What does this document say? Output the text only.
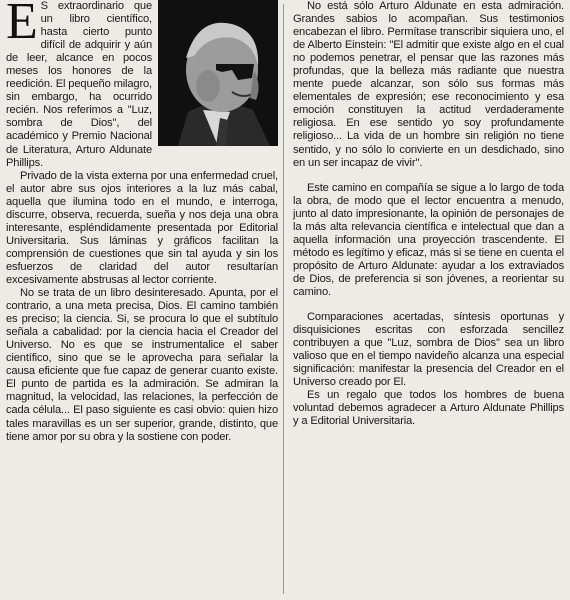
E S extraordinario que un libro científico, hasta cierto punto difícil de adquirir y aún de leer, alcance en pocos meses los honores de la reedición. El pequeño milagro, sin embargo, ha ocurrido recién. Nos referimos a ''Luz, sombra de Dios'', del académico y Premio Nacional de Literatura, Arturo Aldunate Phillips.

Privado de la vista externa por una enfermedad cruel, el autor abre sus ojos interiores a la luz más cabal, aquella que ilumina todo en el mundo, e interroga, discurre, observa, recuerda, sueña y nos deja una obra interesante, espléndidamente presentada por Editorial Universitaria. Sus láminas y gráficos facilitan la comprensión de cuestiones que sin tal ayuda y sin los esfuerzos de claridad del autor resultarían excesivamente abstrusas al lector corriente.

No se trata de un libro desinteresado. Apunta, por el contrario, a una meta precisa, Dios. El camino también es preciso; la ciencia. Si, se procura lo que el subtítulo señala a cabalidad: por la ciencia hacia el Creador del Universo. No es que se instrumentalice el saber científico, sino que se le aprovecha para señalar la causa eficiente que fue capaz de generar cuanto existe. El punto de partida es la admiración. Se admiran la magnitud, la velocidad, las relaciones, la perfección de cada célula... El paso siguiente es casi obvio: quien hizo tales maravillas es un ser superior, grande, distinto, que tiene amor por su obra y la sostiene con poder.

No está sólo Arturo Aldunate en esta admiración. Grandes sabios lo acompañan. Sus testimonios encabezan el libro. Permítase transcribir siquiera uno, el de Alberto Einstein: ''El admitir que existe algo en el cual no podemos penetrar, el pensar que las razones más profundas, que la belleza más radiante que nuestra mente puede alcanzar, son sólo sus formas más elementales de expresión; ese reconocimiento y esa emoción constituyen la actitud verdaderamente religiosa. En ese sentido yo soy profundamente religioso... La vida de un hombre sin religión no tiene sentido, y no sólo lo convierte en un desdichado, sino en un ser incapaz de vivir''.

Este camino en compañía se sigue a lo largo de toda la obra, de modo que el lector encuentra a menudo, junto al dato impresionante, la opinión de personajes de la más alta relevancia científica e intelectual que dan a aquella información una proyección trascendente. El método es legítimo y eficaz, más si se tiene en cuenta el propósito de Arturo Aldunate: ayudar a los extraviados de Dios, de preferencia si son jóvenes, a reorientar su camino.

Comparaciones acertadas, síntesis oportunas y disquisiciones escritas con esforzada sencillez contribuyen a que ''Luz, sombra de Dios'' sea un libro valioso que en el tiempo navideño alcanza una especial significación: manifestar la presencia del Creador en el Universo creado por El.

Es un regalo que todos los hombres de buena voluntad debemos agradecer a Arturo Aldunate Phillips y a Editorial Universitaria.
